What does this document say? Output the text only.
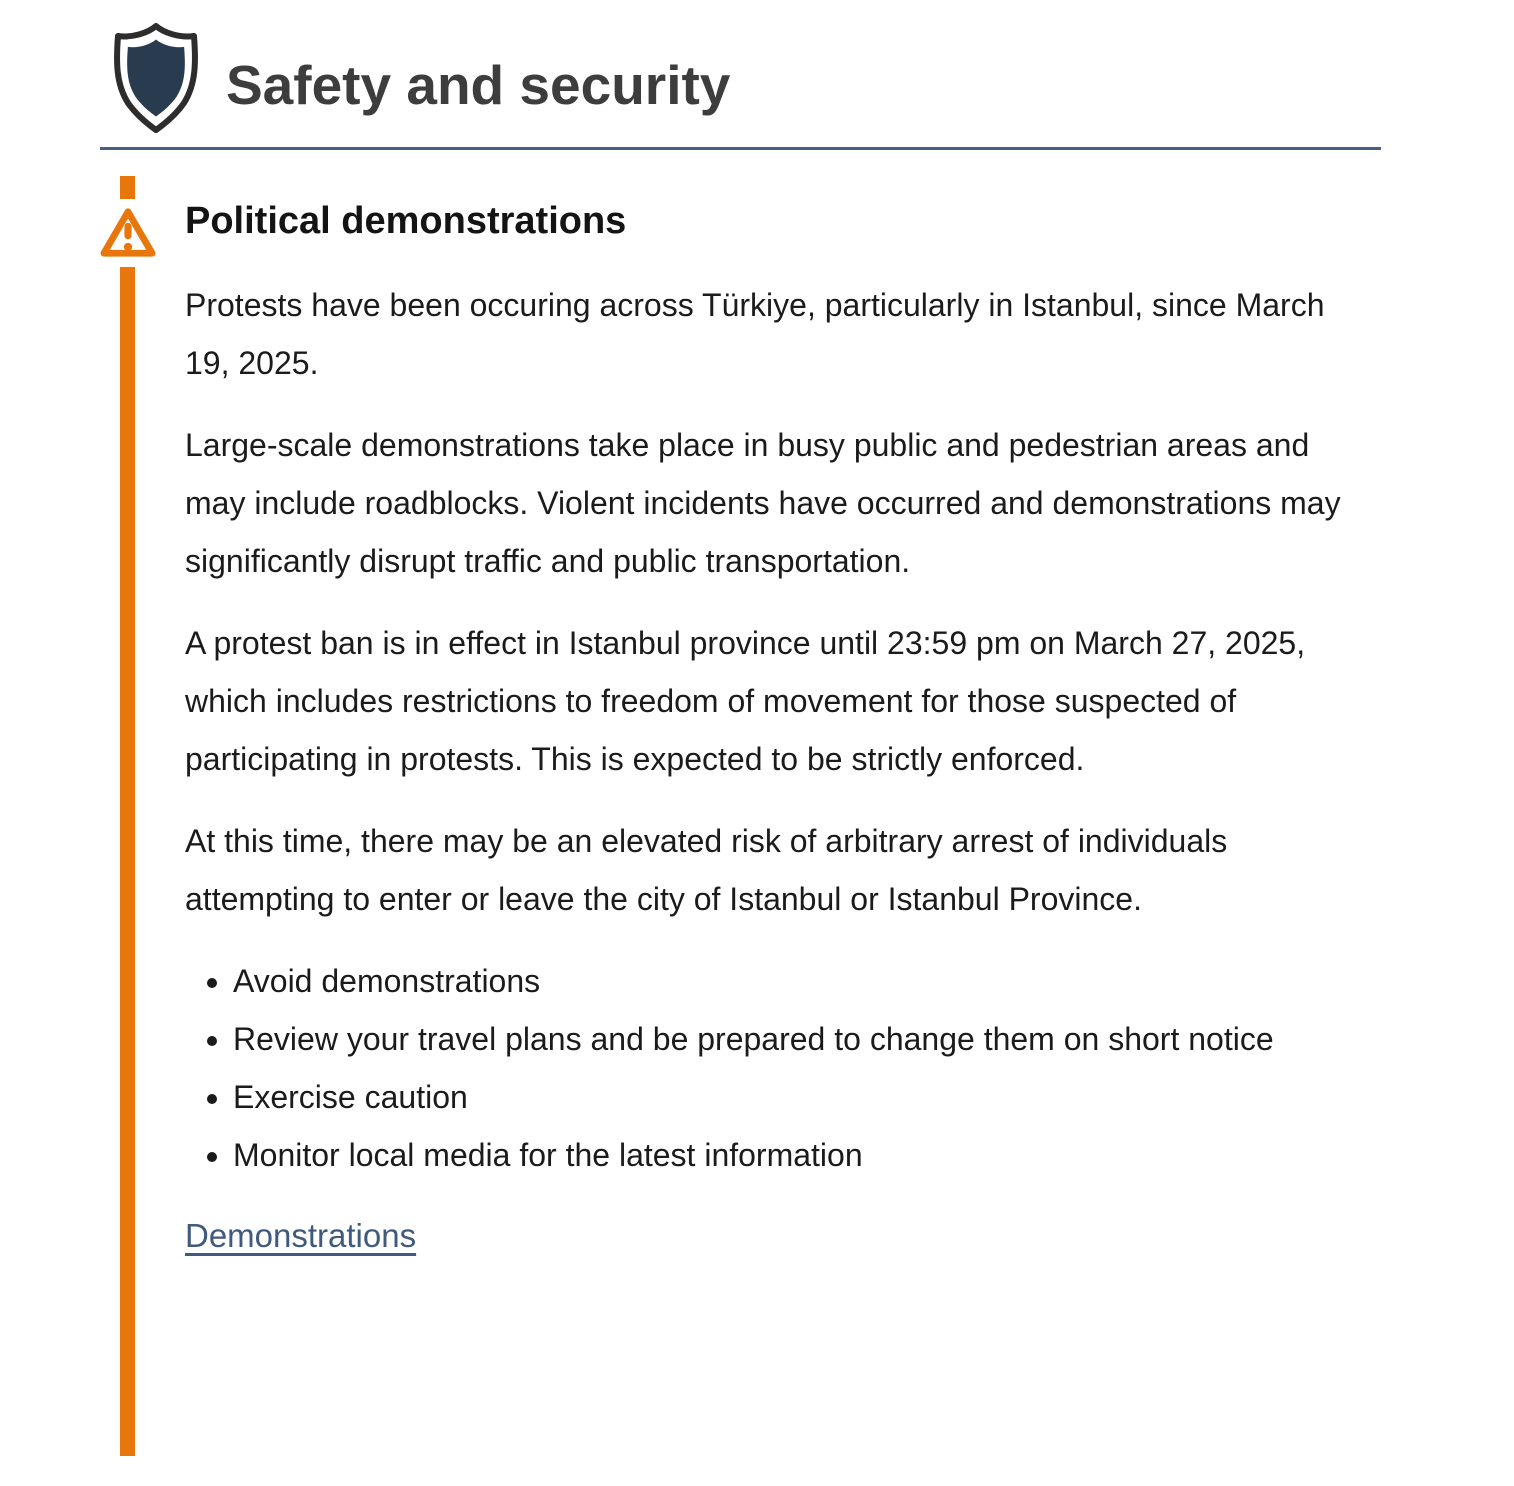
Safety and security
Political demonstrations

Protests have been occuring across Türkiye, particularly in Istanbul, since March 19, 2025.

Large-scale demonstrations take place in busy public and pedestrian areas and may include roadblocks. Violent incidents have occurred and demonstrations may significantly disrupt traffic and public transportation.

A protest ban is in effect in Istanbul province until 23:59 pm on March 27, 2025, which includes restrictions to freedom of movement for those suspected of participating in protests. This is expected to be strictly enforced.

At this time, there may be an elevated risk of arbitrary arrest of individuals attempting to enter or leave the city of Istanbul or Istanbul Province.

• Avoid demonstrations
• Review your travel plans and be prepared to change them on short notice
• Exercise caution
• Monitor local media for the latest information
Demonstrations
